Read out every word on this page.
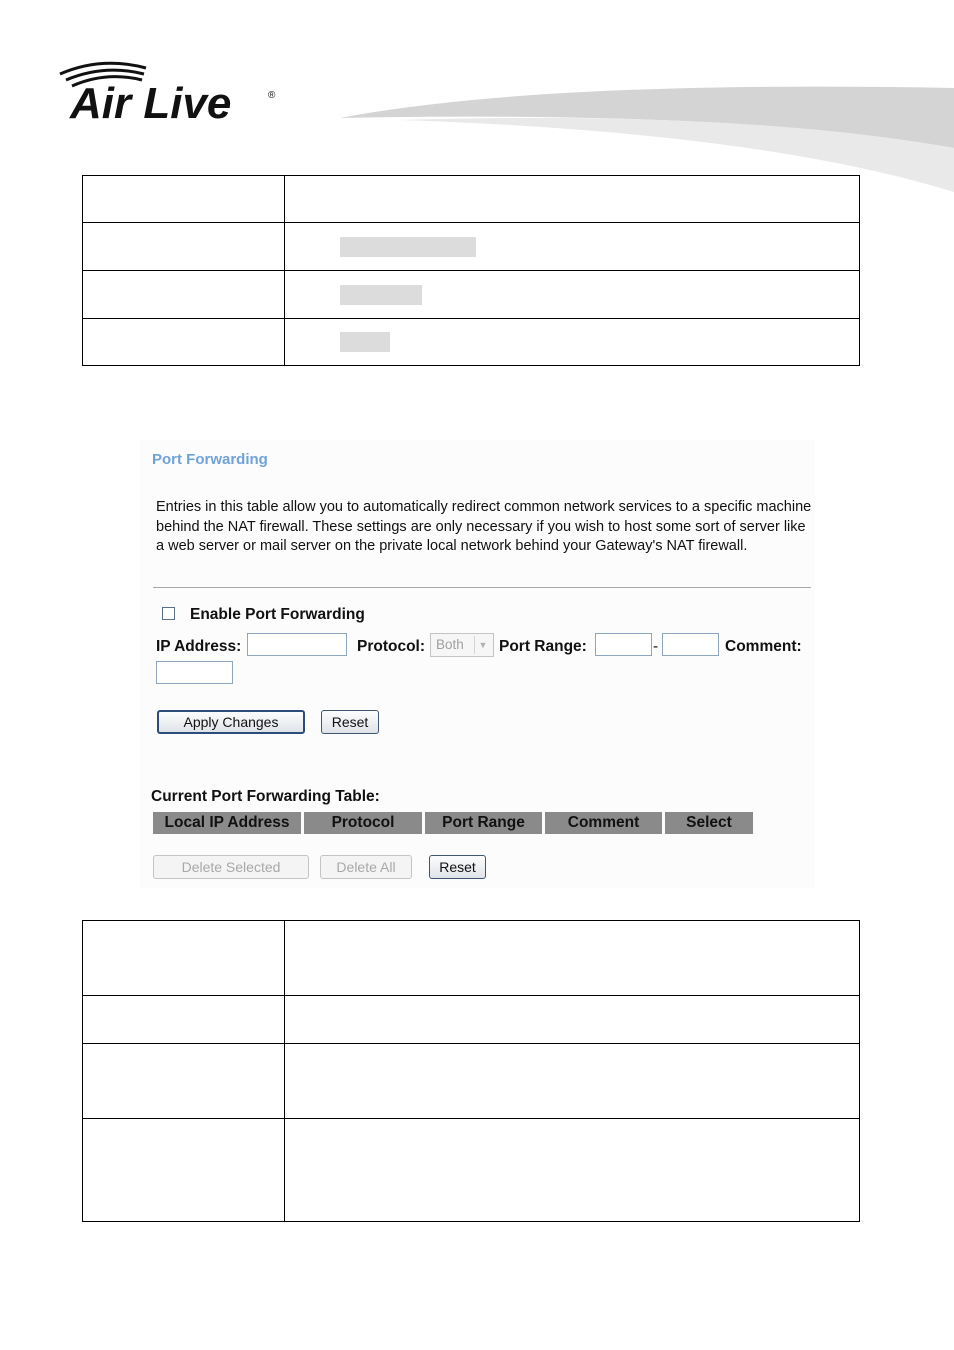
Air Live	®

Port Forwarding
Entries in this table allow you to automatically redirect common network services to a specific machine behind the NAT firewall. These settings are only necessary if you wish to host some sort of server like a web server or mail server on the private local network behind your Gateway's NAT firewall.
Enable Port Forwarding
IP Address:	Protocol: Both	▼ Port Range:	-	Comment:
Apply Changes	Reset
Current Port Forwarding Table:
Local IP Address	Protocol	Port Range	Comment	Select
Delete Selected	Delete All	Reset
